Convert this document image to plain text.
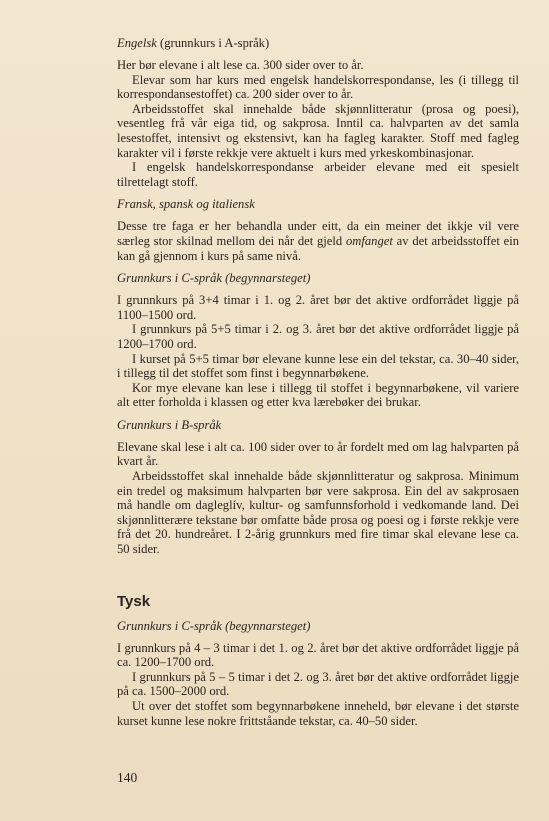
Engelsk (grunnkurs i A-språk)

Her bør elevane i alt lese ca. 300 sider over to år.

Elevar som har kurs med engelsk handelskorrespondanse, les (i tillegg til korrespondansestoffet) ca. 200 sider over to år.

Arbeidsstoffet skal innehalde både skjønnlitteratur (prosa og poesi), vesentleg frå vår eiga tid, og sakprosa. Inntil ca. halvparten av det samla lesestoffet, intensivt og ekstensivt, kan ha fagleg karakter. Stoff med fagleg karakter vil i første rekkje vere aktuelt i kurs med yrkeskombinasjonar.

I engelsk handelskorrespondanse arbeider elevane med eit spesielt tilrettelagt stoff.

Fransk, spansk og italiensk

Desse tre faga er her behandla under eitt, da ein meiner det ikkje vil vere særleg stor skilnad mellom dei når det gjeld omfanget av det arbeidsstoffet ein kan gå gjennom i kurs på same nivå.

Grunnkurs i C-språk (begynnarsteget)

I grunnkurs på 3+4 timar i 1. og 2. året bør det aktive ordforrådet liggje på 1100–1500 ord.

I grunnkurs på 5+5 timar i 2. og 3. året bør det aktive ordforrådet liggje på 1200–1700 ord.

I kurset på 5+5 timar bør elevane kunne lese ein del tekstar, ca. 30–40 sider, i tillegg til det stoffet som finst i begynnarbøkene.

Kor mye elevane kan lese i tillegg til stoffet i begynnarbøkene, vil variere alt etter forholda i klassen og etter kva lærebøker dei brukar.

Grunnkurs i B-språk

Elevane skal lese i alt ca. 100 sider over to år fordelt med om lag halvparten på kvart år.

Arbeidsstoffet skal innehalde både skjønnlitteratur og sakprosa. Minimum ein tredel og maksimum halvparten bør vere sakprosa. Ein del av sakprosaen må handle om dagleglív, kultur- og samfunnsforhold i vedkomande land. Dei skjønnlitterære tekstane bør omfatte både prosa og poesi og i første rekkje vere frå det 20. hundreåret. I 2-årig grunnkurs med fire timar skal elevane lese ca. 50 sider.

Tysk

Grunnkurs i C-språk (begynnarsteget)

I grunnkurs på 4 – 3 timar i det 1. og 2. året bør det aktive ordforrådet liggje på ca. 1200–1700 ord.

I grunnkurs på 5 – 5 timar i det 2. og 3. året bør det aktive ordforrådet liggje på ca. 1500–2000 ord.

Ut over det stoffet som begynnarbøkene inneheld, bør elevane i det største kurset kunne lese nokre frittståande tekstar, ca. 40–50 sider.

140
